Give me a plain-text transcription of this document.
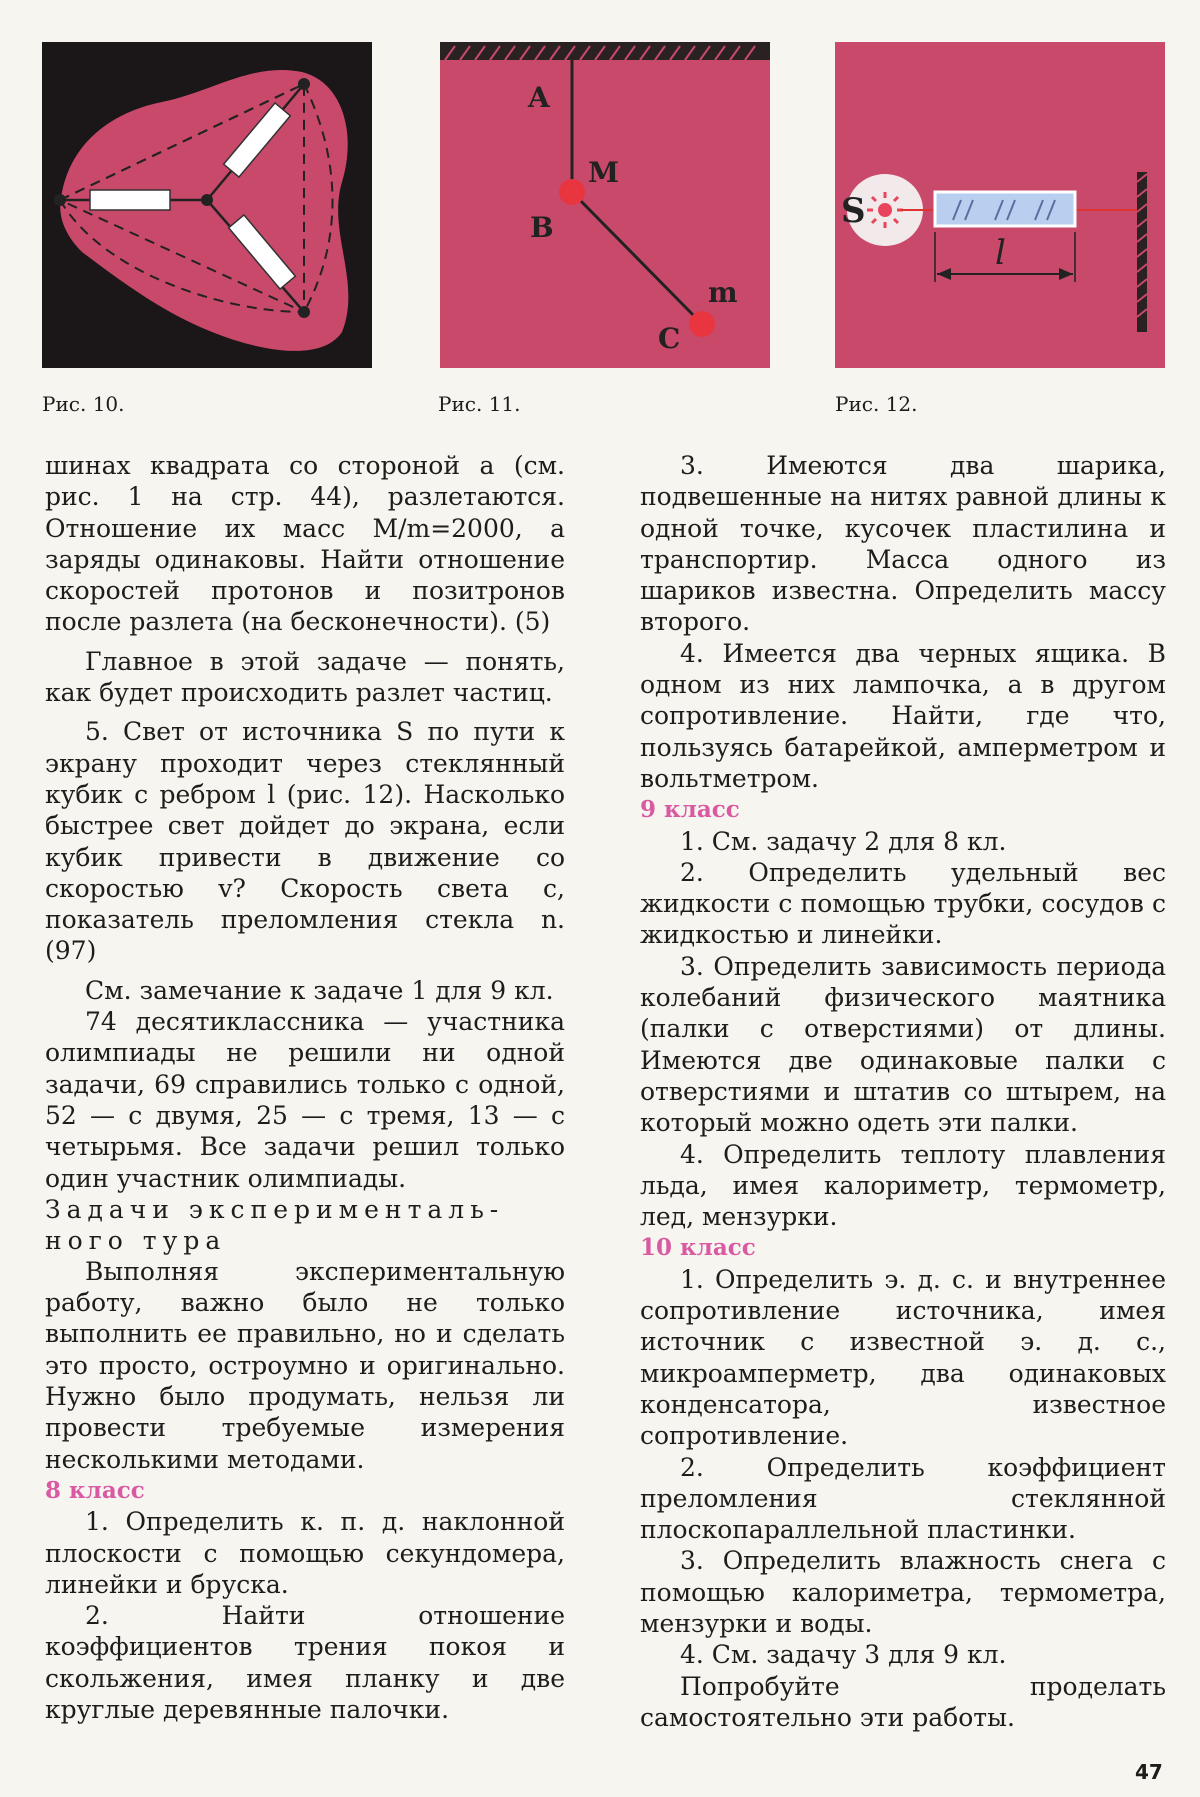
Рис. 10.
A
M
B
m
C
Рис. 11.
S
l
Рис. 12.

шинах квадрата со стороной a (см. рис. 1 на стр. 44), разлетаются. Отношение их масс M/m=2000, а заряды одинаковы. Найти отношение скоростей протонов и позитронов после разлета (на бесконечности). (5)

Главное в этой задаче — понять, как будет происходить разлет частиц.

5. Свет от источника S по пути к экрану проходит через стеклянный кубик с ребром l (рис. 12). Насколько быстрее свет дойдет до экрана, если кубик привести в движение со скоростью v? Скорость света c, показатель преломления стекла n. (97)

См. замечание к задаче 1 для 9 кл.

74 десятиклассника — участника олимпиады не решили ни одной задачи, 69 справились только с одной, 52 — с двумя, 25 — с тремя, 13 — с четырьмя. Все задачи решил только один участник олимпиады.

Задачи эксперименталь-
ного тура

Выполняя экспериментальную работу, важно было не только выполнить ее правильно, но и сделать это просто, остроумно и оригинально. Нужно было продумать, нельзя ли провести требуемые измерения несколькими методами.

8 класс

1. Определить к. п. д. наклонной плоскости с помощью секундомера, линейки и бруска.

2. Найти отношение коэффициентов трения покоя и скольжения, имея планку и две круглые деревянные палочки.

3. Имеются два шарика, подвешенные на нитях равной длины к одной точке, кусочек пластилина и транспортир. Масса одного из шариков известна. Определить массу второго.

4. Имеется два черных ящика. В одном из них лампочка, а в другом сопротивление. Найти, где что, пользуясь батарейкой, амперметром и вольтметром.

9 класс

1. См. задачу 2 для 8 кл.

2. Определить удельный вес жидкости с помощью трубки, сосудов с жидкостью и линейки.

3. Определить зависимость периода колебаний физического маятника (палки с отверстиями) от длины. Имеются две одинаковые палки с отверстиями и штатив со штырем, на который можно одеть эти палки.

4. Определить теплоту плавления льда, имея калориметр, термометр, лед, мензурки.

10 класс

1. Определить э. д. с. и внутреннее сопротивление источника, имея источник с известной э. д. с., микроамперметр, два одинаковых конденсатора, известное сопротивление.

2. Определить коэффициент преломления стеклянной плоскопараллельной пластинки.

3. Определить влажность снега с помощью калориметра, термометра, мензурки и воды.

4. См. задачу 3 для 9 кл.

Попробуйте проделать самостоятельно эти работы.

47
